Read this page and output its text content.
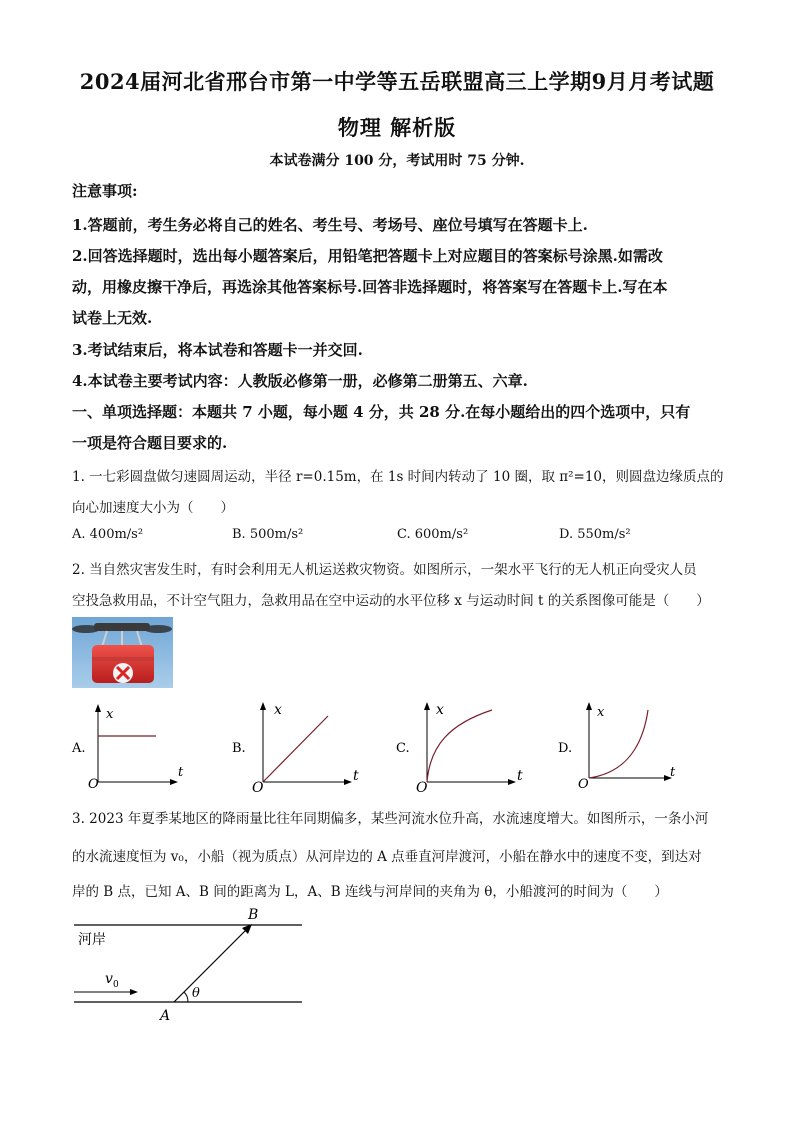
2024届河北省邢台市第一中学等五岳联盟高三上学期9月月考试题
物理 解析版
本试卷满分 100 分，考试用时 75 分钟.
注意事项:
1.答题前，考生务必将自己的姓名、考生号、考场号、座位号填写在答题卡上.
2.回答选择题时，选出每小题答案后，用铅笔把答题卡上对应题目的答案标号涂黑.如需改
动，用橡皮擦干净后，再选涂其他答案标号.回答非选择题时，将答案写在答题卡上.写在本
试卷上无效.
3.考试结束后，将本试卷和答题卡一并交回.
4.本试卷主要考试内容：人教版必修第一册，必修第二册第五、六章.
一、单项选择题：本题共 7 小题，每小题 4 分，共 28 分.在每小题给出的四个选项中，只有
一项是符合题目要求的.
1. 一七彩圆盘做匀速圆周运动，半径 r=0.15m，在 1s 时间内转动了 10 圈，取 π²=10，则圆盘边缘质点的
向心加速度大小为（　　）
A. 400m/s²	B. 500m/s²	C. 600m/s²	D. 550m/s²
2. 当自然灾害发生时，有时会利用无人机运送救灾物资。如图所示，一架水平飞行的无人机正向受灾人员
空投急救用品，不计空气阻力，急救用品在空中运动的水平位移 x 与运动时间 t 的关系图像可能是（　　）
A.
x
t
O
B.
x
t
O
C.
x
t
O
D.
x
t
O
3. 2023 年夏季某地区的降雨量比往年同期偏多，某些河流水位升高，水流速度增大。如图所示，一条小河
的水流速度恒为 v₀，小船（视为质点）从河岸边的 A 点垂直河岸渡河，小船在静水中的速度不变，到达对
岸的 B 点，已知 A、B 间的距离为 L，A、B 连线与河岸间的夹角为 θ，小船渡河的时间为（　　）
河岸
v 0
θ
A
B
